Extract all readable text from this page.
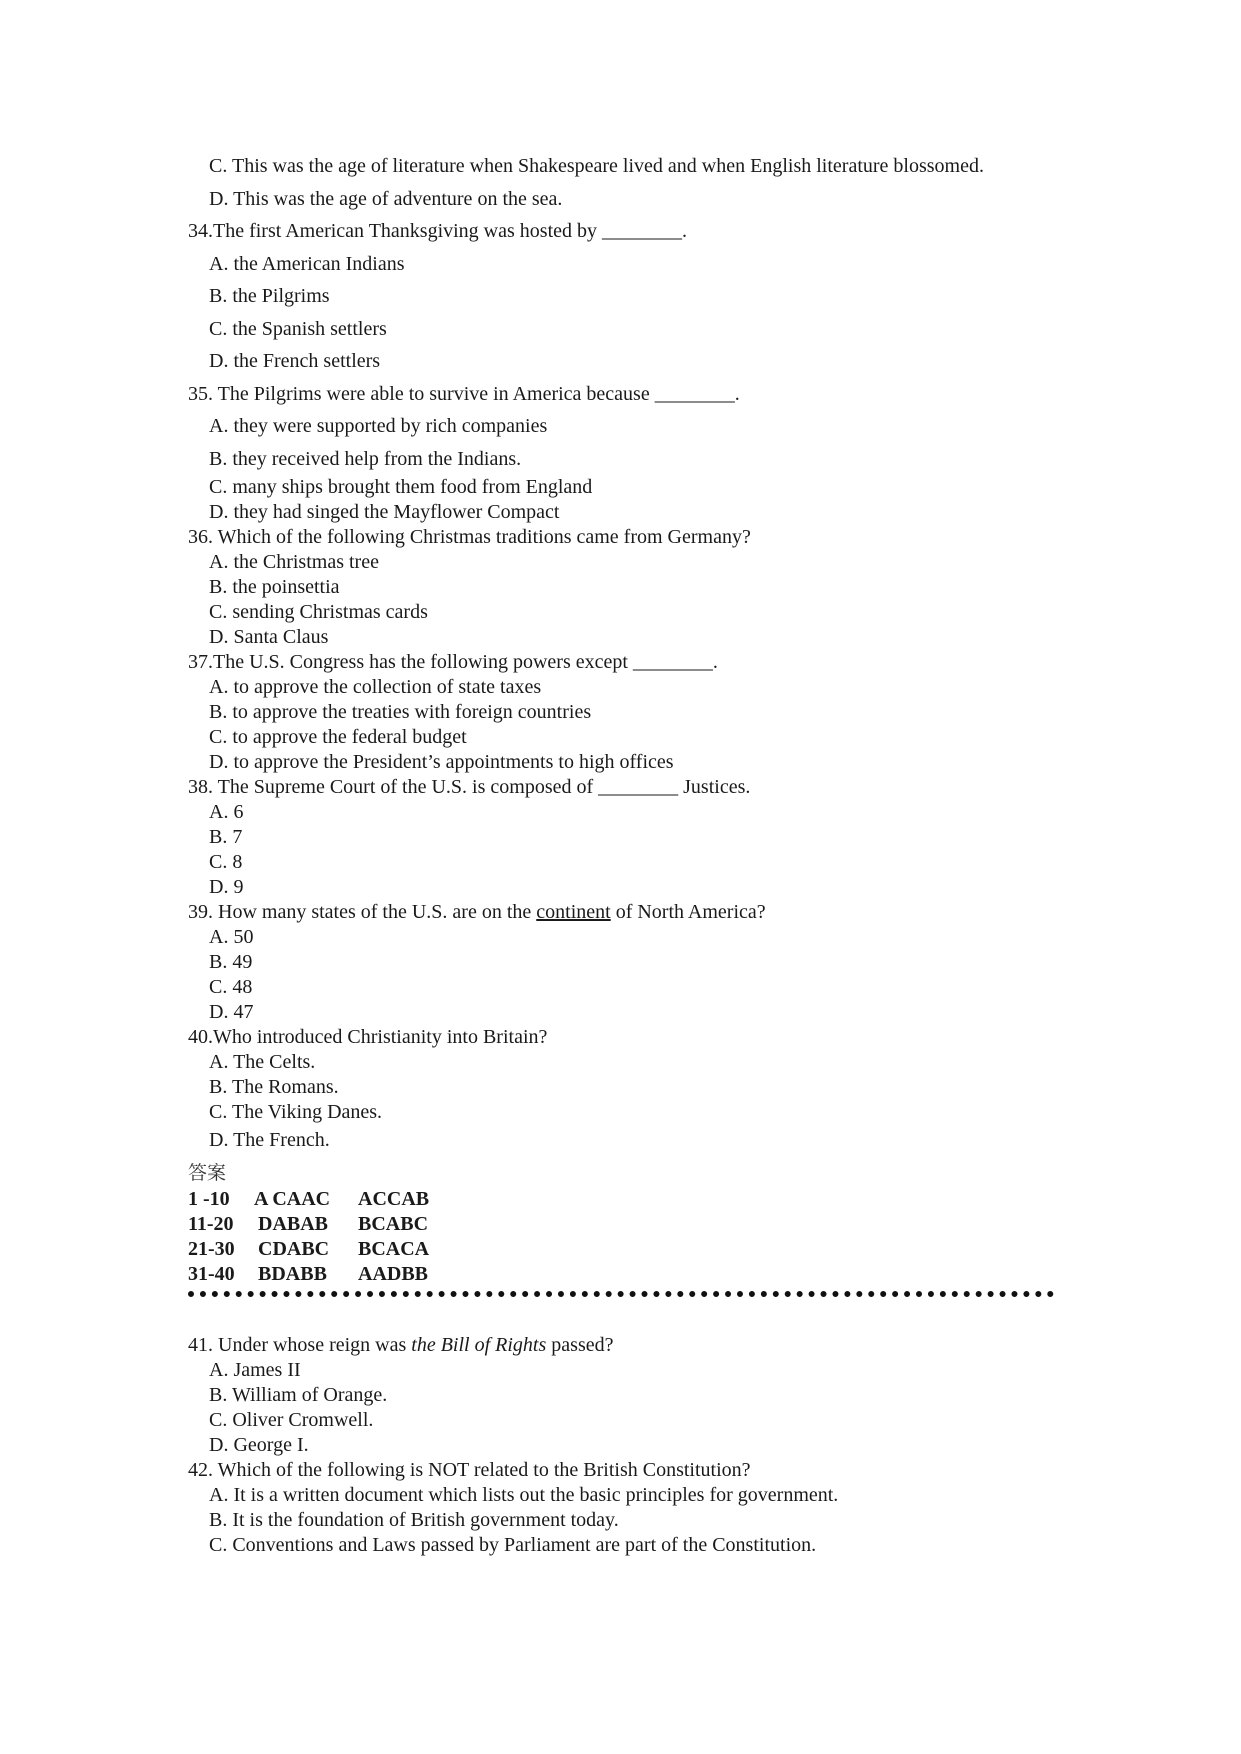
C. This was the age of literature when Shakespeare lived and when English literature blossomed.
D. This was the age of adventure on the sea.
34.The first American Thanksgiving was hosted by ________.
A. the American Indians
B. the Pilgrims
C. the Spanish settlers
D. the French settlers
35. The Pilgrims were able to survive in America because ________.
A. they were supported by rich companies
B. they received help from the Indians.
C. many ships brought them food from England
D. they had singed the Mayflower Compact
36. Which of the following Christmas traditions came from Germany?
A. the Christmas tree
B. the poinsettia
C. sending Christmas cards
D. Santa Claus
37.The U.S. Congress has the following powers except ________.
A. to approve the collection of state taxes
B. to approve the treaties with foreign countries
C. to approve the federal budget
D. to approve the President’s appointments to high offices
38. The Supreme Court of the U.S. is composed of ________ Justices.
A. 6
B. 7
C. 8
D. 9
39. How many states of the U.S. are on the continent of North America?
A. 50
B. 49
C. 48
D. 47
40.Who introduced Christianity into Britain?
A. The Celts.
B. The Romans.
C. The Viking Danes.
D. The French.
答案
1 -10	A CAAC	ACCAB
11-20	DABAB	BCABC
21-30	CDABC	BCACA
31-40	BDABB	AADBB
41. Under whose reign was the Bill of Rights passed?
A. James II
B. William of Orange.
C. Oliver Cromwell.
D. George I.
42. Which of the following is NOT related to the British Constitution?
A. It is a written document which lists out the basic principles for government.
B. It is the foundation of British government today.
C. Conventions and Laws passed by Parliament are part of the Constitution.
